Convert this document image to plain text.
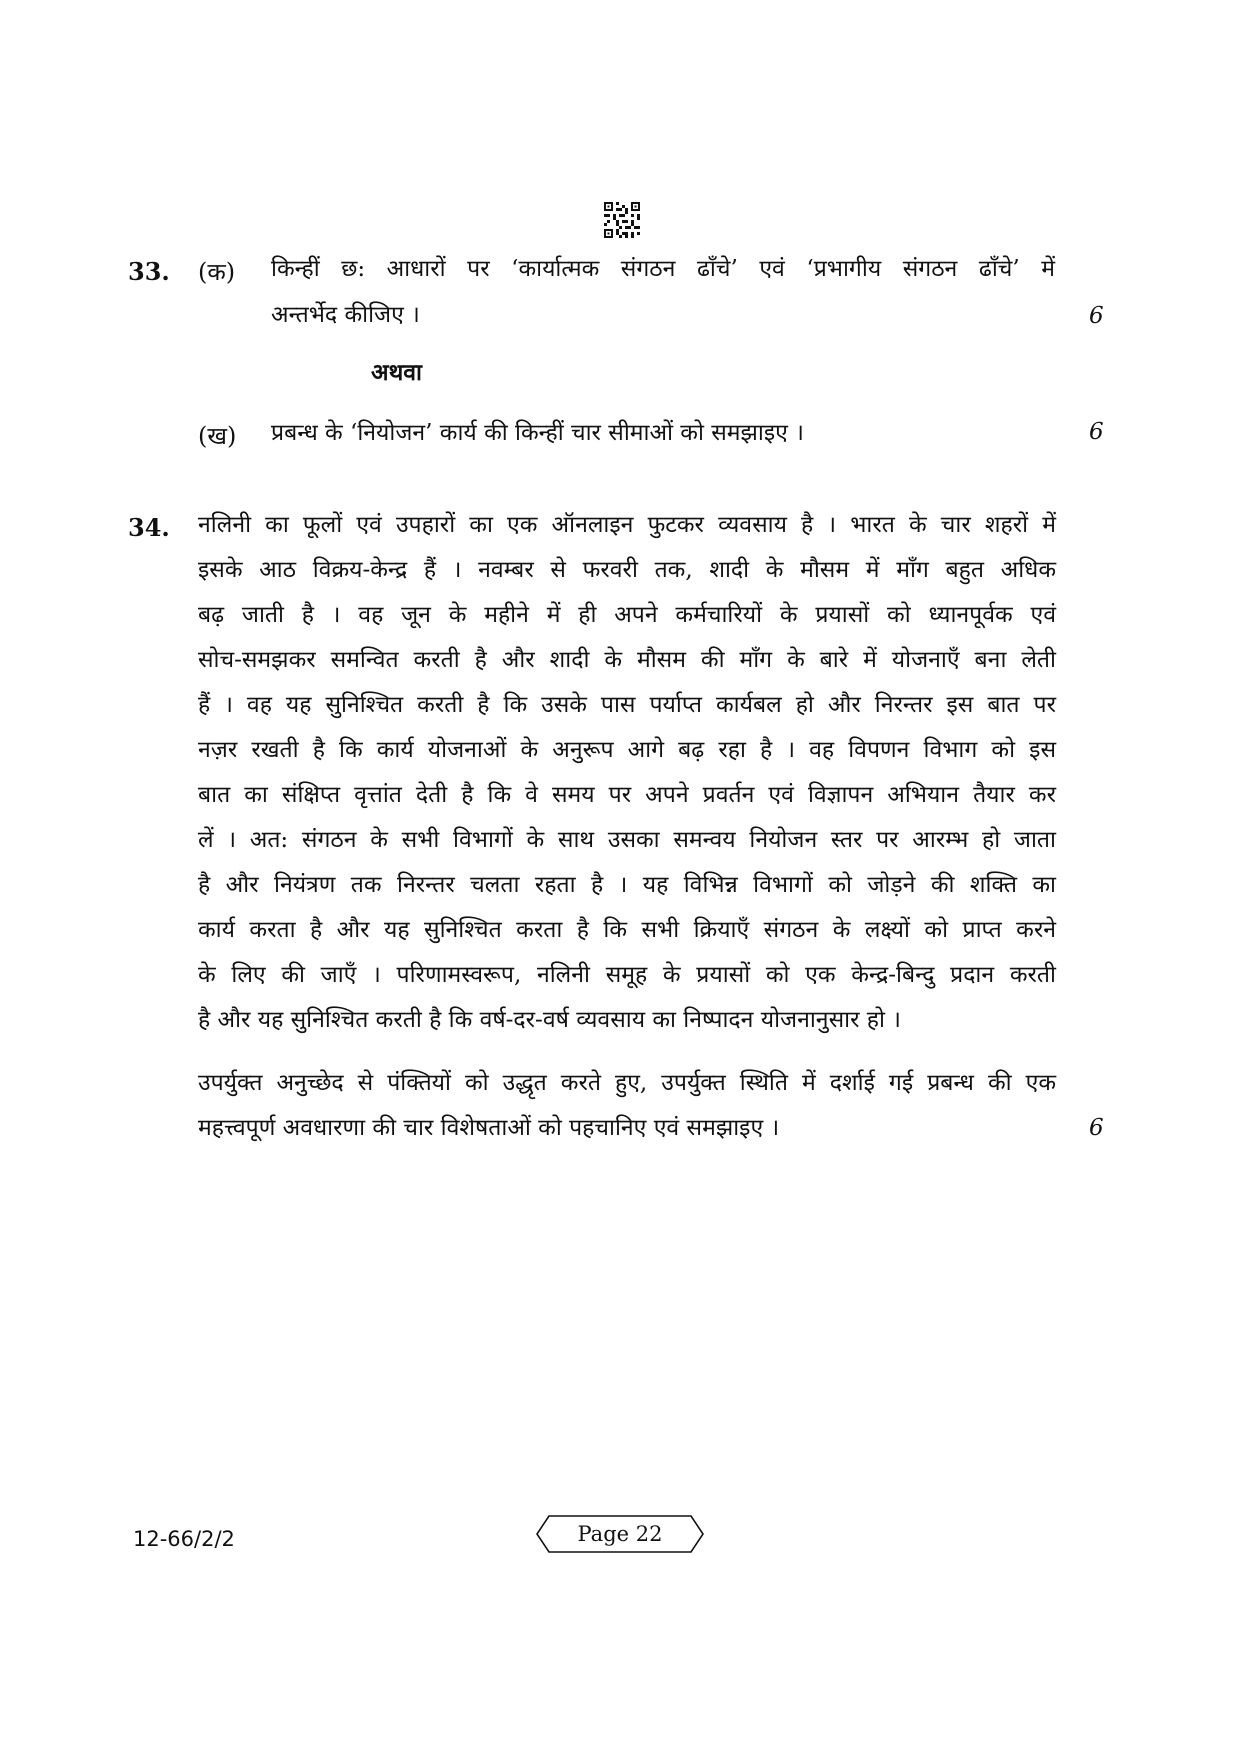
33. (क) किन्हीं छ: आधारों पर ‘कार्यात्मक संगठन ढाँचे’ एवं ‘प्रभागीय संगठन ढाँचे’ में
अन्तर्भेद कीजिए ।	6
अथवा
(ख) प्रबन्ध के ‘नियोजन’ कार्य की किन्हीं चार सीमाओं को समझाइए ।	6
34. नलिनी का फूलों एवं उपहारों का एक ऑनलाइन फुटकर व्यवसाय है । भारत के चार शहरों में
इसके आठ विक्रय-केन्द्र हैं । नवम्बर से फरवरी तक, शादी के मौसम में माँग बहुत अधिक
बढ़ जाती है । वह जून के महीने में ही अपने कर्मचारियों के प्रयासों को ध्यानपूर्वक एवं
सोच-समझकर समन्वित करती है और शादी के मौसम की माँग के बारे में योजनाएँ बना लेती
हैं । वह यह सुनिश्चित करती है कि उसके पास पर्याप्त कार्यबल हो और निरन्तर इस बात पर
नज़र रखती है कि कार्य योजनाओं के अनुरूप आगे बढ़ रहा है । वह विपणन विभाग को इस
बात का संक्षिप्त वृत्तांत देती है कि वे समय पर अपने प्रवर्तन एवं विज्ञापन अभियान तैयार कर
लें । अत: संगठन के सभी विभागों के साथ उसका समन्वय नियोजन स्तर पर आरम्भ हो जाता
है और नियंत्रण तक निरन्तर चलता रहता है । यह विभिन्न विभागों को जोड़ने की शक्ति का
कार्य करता है और यह सुनिश्चित करता है कि सभी क्रियाएँ संगठन के लक्ष्यों को प्राप्त करने
के लिए की जाएँ । परिणामस्वरूप, नलिनी समूह के प्रयासों को एक केन्द्र-बिन्दु प्रदान करती
है और यह सुनिश्चित करती है कि वर्ष-दर-वर्ष व्यवसाय का निष्पादन योजनानुसार हो ।
उपर्युक्त अनुच्छेद से पंक्तियों को उद्धृत करते हुए, उपर्युक्त स्थिति में दर्शाई गई प्रबन्ध की एक
महत्त्वपूर्ण अवधारणा की चार विशेषताओं को पहचानिए एवं समझाइए ।	6
12-66/2/2	Page 22
